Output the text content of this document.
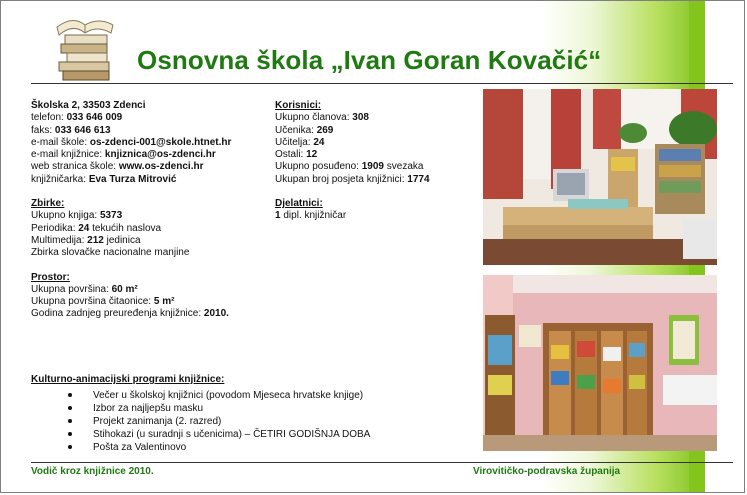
Osnovna škola „Ivan Goran Kovačić“

Školska 2, 33503 Zdenci

telefon: 033 646 009

faks: 033 646 613

e-mail škole: os-zdenci-001@skole.htnet.hr

e-mail knjižnice: knjiznica@os-zdenci.hr

web stranica škole: www.os-zdenci.hr

knjižničarka: Eva Turza Mitrović

Zbirke:

Ukupno knjiga: 5373

Periodika: 24 tekućih naslova

Multimedija: 212 jedinica

Zbirka slovačke nacionalne manjine

Prostor:

Ukupna površina: 60 m²

Ukupna površina čitaonice: 5 m²

Godina zadnjeg preuređenja knjižnice: 2010.

Korisnici:

Ukupno članova: 308

Učenika: 269

Učitelja: 24

Ostali: 12

Ukupno posuđeno: 1909 svezaka

Ukupan broj posjeta knjižnici: 1774

Djelatnici:

1 dipl. knjižničar

Kulturno-animacijski programi knjižnice:

Večer u školskoj knjižnici (povodom Mjeseca hrvatske knjige)
Izbor za najljepšu masku
Projekt zanimanja (2. razred)
Stihokazi (u suradnji s učenicima) – ČETIRI GODIŠNJA DOBA
Pošta za Valentinovo
Vodič kroz knjižnice 2010.	Virovitičko-podravska županija
